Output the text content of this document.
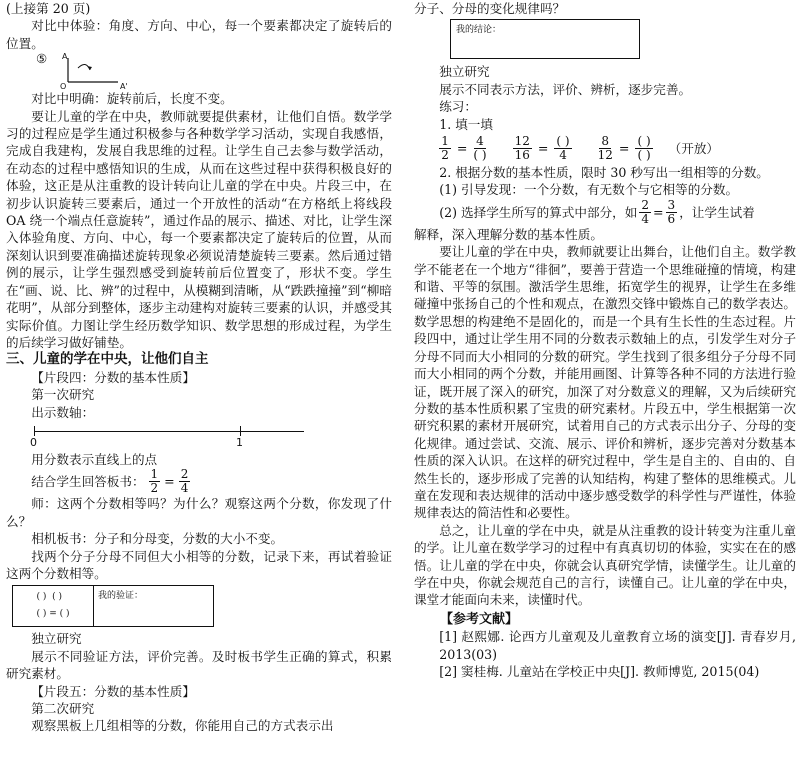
(上接第 20 页)

对比中体验：角度、方向、中心，每一个要素都决定了旋转后的位置。

⑤ A
O	A'

对比中明确：旋转前后，长度不变。

要让儿童的学在中央，教师就要提供素材，让他们自悟。数学学习的过程应是学生通过积极参与各种数学学习活动，实现自我感悟，完成自我建构，发展自我思维的过程。让学生自己去参与数学活动，在动态的过程中感悟知识的生成，从而在这些过程中获得积极良好的体验，这正是从注重教的设计转向让儿童的学在中央。片段三中，在初步认识旋转三要素后，通过一个开放性的活动“在方格纸上将线段 OA 绕一个端点任意旋转”，通过作品的展示、描述、对比，让学生深入体验角度、方向、中心，每一个要素都决定了旋转后的位置，从而深刻认识到要准确描述旋转现象必须说清楚旋转三要素。然后通过错例的展示，让学生强烈感受到旋转前后位置变了，形状不变。学生在“画、说、比、辨”的过程中，从模糊到清晰，从“跌跌撞撞”到“柳暗花明”，从部分到整体，逐步主动建构对旋转三要素的认识，并感受其实际价值。力图让学生经历数学知识、数学思想的形成过程，为学生的后续学习做好铺垫。

三、儿童的学在中央，让他们自主

【片段四：分数的基本性质】

第一次研究

出示数轴：

0	1

用分数表示直线上的点

结合学生回答板书： $\frac{1}{2} = \frac{2}{4}$

师：这两个分数相等吗？为什么？观察这两个分数，你发现了什么？

相机板书：分子和分母变，分数的大小不变。

找两个分子分母不同但大小相等的分数，记录下来，再试着验证这两个分数相等。

( )  ( )
( ) = ( )
我的验证：

独立研究

展示不同验证方法，评价完善。及时板书学生正确的算式，积累研究素材。

【片段五：分数的基本性质】

第二次研究

观察黑板上几组相等的分数，你能用自己的方式表示出

分子、分母的变化规律吗？

我的结论：

独立研究

展示不同表示方法，评价、辨析，逐步完善。

练习：

1. 填一填

$\frac{1}{2} = \frac{4}{( )} \frac{12}{16} = \frac{( )}{4} \frac{8}{12} = \frac{( )}{( )}$ （开放）

2. 根据分数的基本性质，限时 30 秒写出一组相等的分数。

(1) 引导发现：一个分数，有无数个与它相等的分数。

(2) 选择学生所写的算式中部分，如 $\frac{2}{4} = \frac{3}{6}$ ，让学生试着

解释，深入理解分数的基本性质。

要让儿童的学在中央，教师就要让出舞台，让他们自主。数学教学不能老在一个地方“徘徊”，要善于营造一个思维碰撞的情境，构建和谐、平等的氛围。激活学生思维，拓宽学生的视界，让学生在多维碰撞中张扬自己的个性和观点，在激烈交锋中锻炼自己的数学表达。数学思想的构建绝不是固化的，而是一个具有生长性的生态过程。片段四中，通过让学生用不同的分数表示数轴上的点，引发学生对分子分母不同而大小相同的分数的研究。学生找到了很多组分子分母不同而大小相同的两个分数，并能用画图、计算等各种不同的方法进行验证，既开展了深入的研究，加深了对分数意义的理解，又为后续研究分数的基本性质积累了宝贵的研究素材。片段五中，学生根据第一次研究积累的素材开展研究，试着用自己的方式表示出分子、分母的变化规律。通过尝试、交流、展示、评价和辨析，逐步完善对分数基本性质的深入认识。在这样的研究过程中，学生是自主的、自由的、自然生长的，逐步形成了完善的认知结构，构建了整体的思维模式。儿童在发现和表达规律的活动中逐步感受数学的科学性与严谨性，体验规律表达的简洁性和必要性。

总之，让儿童的学在中央，就是从注重教的设计转变为注重儿童的学。让儿童在数学学习的过程中有真真切切的体验，实实在在的感悟。让儿童的学在中央，你就会认真研究学情，读懂学生。让儿童的学在中央，你就会规范自己的言行，读懂自己。让儿童的学在中央，课堂才能面向未来，读懂时代。

【参考文献】

[1] 赵熙娜. 论西方儿童观及儿童教育立场的演变[J]. 青春岁月, 2013(03)

[2] 窦桂梅. 儿童站在学校正中央[J]. 教师博览, 2015(04)
